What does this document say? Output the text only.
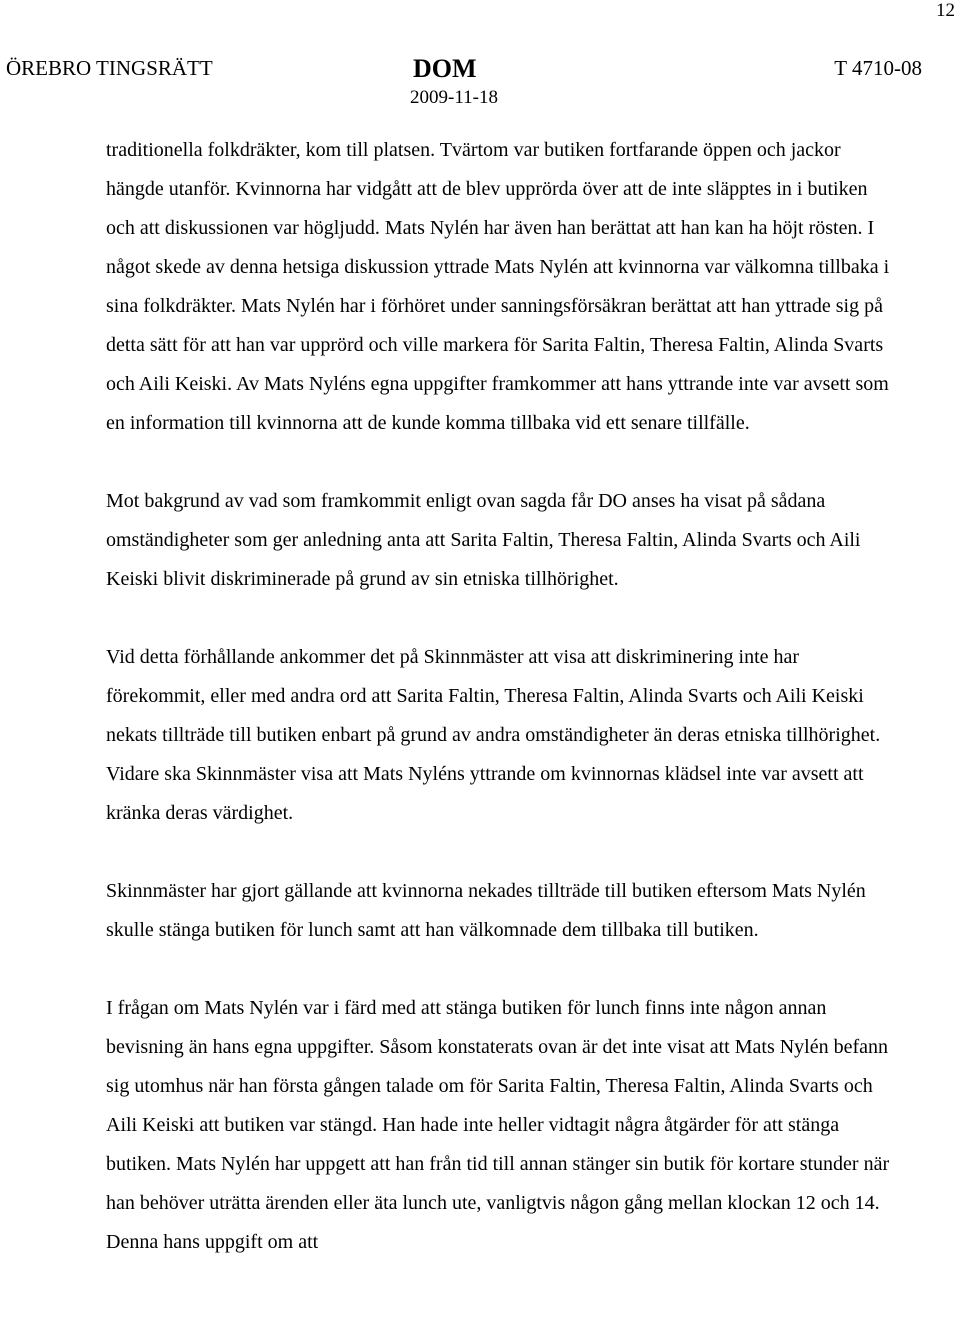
12
ÖREBRO TINGSRÄTT	DOM
2009-11-18
T 4710-08

traditionella folkdräkter, kom till platsen. Tvärtom var butiken fortfarande öppen och jackor hängde utanför. Kvinnorna har vidgått att de blev upprörda över att de inte släpptes in i butiken och att diskussionen var högljudd. Mats Nylén har även han berättat att han kan ha höjt rösten. I något skede av denna hetsiga diskussion yttrade Mats Nylén att kvinnorna var välkomna tillbaka i sina folkdräkter. Mats Nylén har i förhöret under sanningsförsäkran berättat att han yttrade sig på detta sätt för att han var upprörd och ville markera för Sarita Faltin, Theresa Faltin, Alinda Svarts och Aili Keiski. Av Mats Nyléns egna uppgifter framkommer att hans yttrande inte var avsett som en information till kvinnorna att de kunde komma tillbaka vid ett senare tillfälle.

Mot bakgrund av vad som framkommit enligt ovan sagda får DO anses ha visat på sådana omständigheter som ger anledning anta att Sarita Faltin, Theresa Faltin, Alinda Svarts och Aili Keiski blivit diskriminerade på grund av sin etniska tillhörighet.

Vid detta förhållande ankommer det på Skinnmäster att visa att diskriminering inte har förekommit, eller med andra ord att Sarita Faltin, Theresa Faltin, Alinda Svarts och Aili Keiski nekats tillträde till butiken enbart på grund av andra omständigheter än deras etniska tillhörighet. Vidare ska Skinnmäster visa att Mats Nyléns yttrande om kvinnornas klädsel inte var avsett att kränka deras värdighet.

Skinnmäster har gjort gällande att kvinnorna nekades tillträde till butiken eftersom Mats Nylén skulle stänga butiken för lunch samt att han välkomnade dem tillbaka till butiken.

I frågan om Mats Nylén var i färd med att stänga butiken för lunch finns inte någon annan bevisning än hans egna uppgifter. Såsom konstaterats ovan är det inte visat att Mats Nylén befann sig utomhus när han första gången talade om för Sarita Faltin, Theresa Faltin, Alinda Svarts och Aili Keiski att butiken var stängd. Han hade inte heller vidtagit några åtgärder för att stänga butiken. Mats Nylén har uppgett att han från tid till annan stänger sin butik för kortare stunder när han behöver uträtta ärenden eller äta lunch ute, vanligtvis någon gång mellan klockan 12 och 14. Denna hans uppgift om att
